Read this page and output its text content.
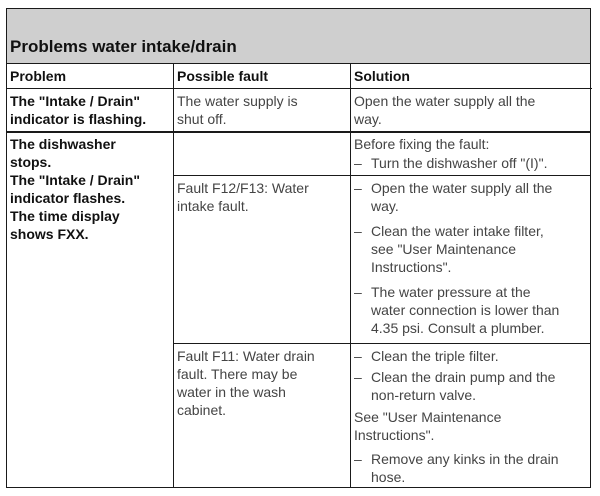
Problems water intake/drain
Problem	Possible fault	Solution
The "Intake / Drain"
indicator is flashing.
The water supply is
shut off.
Open the water supply all the
way.
The dishwasher
stops.
The "Intake / Drain"
indicator flashes.
The time display
shows FXX.
Before fixing the fault:
– Turn the dishwasher off "(I)".
Fault F12/F13: Water
intake fault.
– Open the water supply all the
way.
– Clean the water intake filter,
see "User Maintenance
Instructions".
– The water pressure at the
water connection is lower than
4.35 psi. Consult a plumber.
Fault F11: Water drain
fault. There may be
water in the wash
cabinet.
– Clean the triple filter.
– Clean the drain pump and the
non-return valve.
See "User Maintenance
Instructions".
– Remove any kinks in the drain
hose.
